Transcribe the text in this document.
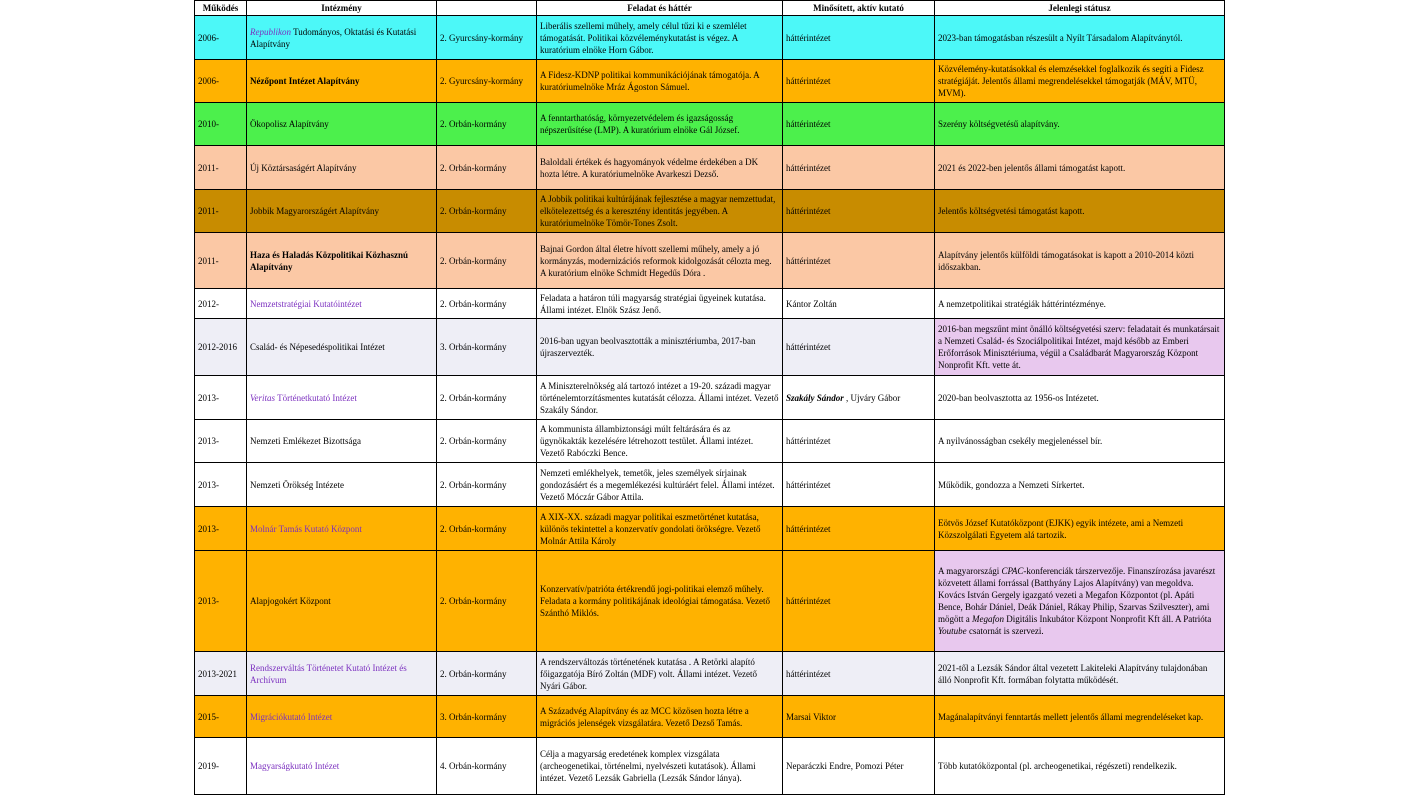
Működés	Intézmény		Feladat és háttér	Minősített, aktív kutató	Jelenlegi státusz
2006-	Republikon Tudományos, Oktatási és Kutatási Alapítvány	2. Gyurcsány-kormány	Liberális szellemi műhely, amely célul tűzi ki e szemlélet támogatását. Politikai közvéleménykutatást is végez. A kuratórium elnöke Horn Gábor.	háttérintézet	2023-ban támogatásban részesült a Nyílt Társadalom Alapítványtól.
2006-	Nézőpont Intézet Alapítvány	2. Gyurcsány-kormány	A Fidesz-KDNP politikai kommunikációjának támogatója. A kuratóriumelnöke Mráz Ágoston Sámuel.	háttérintézet	Közvélemény-kutatásokkal és elemzésekkel foglalkozik és segíti a Fidesz stratégiáját. Jelentős állami megrendelésekkel támogatják (MÁV, MTÜ, MVM).

2010-	Ökopolisz Alapítvány	2. Orbán-kormány	A fenntarthatóság, környezetvédelem és igazságosság népszerűsítése (LMP). A kuratórium elnöke Gál József.	háttérintézet	Szerény költségvetésű alapítvány.
2011-	Új Köztársaságért Alapítvány	2. Orbán-kormány	Baloldali értékek és hagyományok védelme érdekében a DK hozta létre. A kuratóriumelnöke Avarkeszi Dezső.	háttérintézet	2021 és 2022-ben jelentős állami támogatást kapott.
2011-	Jobbik Magyarországért Alapítvány	2. Orbán-kormány	A Jobbik politikai kultúrájának fejlesztése a magyar nemzettudat, elkötelezettség és a keresztény identitás jegyében. A kuratóriumelnöke Tömör-Tones Zsolt.	háttérintézet	Jelentős költségvetési támogatást kapott.
2011-	Haza és Haladás Közpolitikai Közhasznú Alapítvány	2. Orbán-kormány	Bajnai Gordon által életre hívott szellemi műhely, amely a jó kormányzás, modernizációs reformok kidolgozását célozta meg. A kuratórium elnöke Schmidt Hegedűs Dóra .	háttérintézet	Alapítvány jelentős külföldi támogatásokat is kapott a 2010-2014 közti időszakban.
2012-	Nemzetstratégiai Kutatóintézet	2. Orbán-kormány	Feladata a határon túli magyarság stratégiai ügyeinek kutatása. Állami intézet. Elnök Szász Jenő.	Kántor Zoltán	A nemzetpolitikai stratégiák háttérintézménye.
2012-2016	Család- és Népesedéspolitikai Intézet	3. Orbán-kormány	2016-ban ugyan beolvasztották a minisztériumba, 2017-ban újraszervezték.	háttérintézet	2016-ban megszűnt mint önálló költségvetési szerv: feladatait és munkatársait a Nemzeti Család- és Szociálpolitikai Intézet, majd később az Emberi Erőforrások Minisztériuma, végül a Családbarát Magyarország Központ Nonprofit Kft. vette át.

2013-	Veritas Történetkutató Intézet	2. Orbán-kormány	A Miniszterelnökség alá tartozó intézet a 19-20. századi magyar történelemtorzításmentes kutatását célozza. Állami intézet. Vezető Szakály Sándor.	Szakály Sándor , Ujváry Gábor	2020-ban beolvasztotta az 1956-os Intézetet.
2013-	Nemzeti Emlékezet Bizottsága	2. Orbán-kormány	A kommunista állambiztonsági múlt feltárására és az ügynökakták kezelésére létrehozott testület. Állami intézet. Vezető Rabóczki Bence.	háttérintézet	A nyilvánosságban csekély megjelenéssel bír.
2013-	Nemzeti Örökség Intézete	2. Orbán-kormány	Nemzeti emlékhelyek, temetők, jeles személyek sírjainak gondozásáért és a megemlékezési kultúráért felel. Állami intézet. Vezető Móczár Gábor Attila.	háttérintézet	Működik, gondozza a Nemzeti Sírkertet.
2013-	Molnár Tamás Kutató Központ	2. Orbán-kormány	A XIX-XX. századi magyar politikai eszmetörténet kutatása, különös tekintettel a konzervatív gondolati örökségre. Vezető Molnár Attila Károly	háttérintézet	Eötvös József Kutatóközpont (EJKK) egyik intézete, ami a Nemzeti Közszolgálati Egyetem alá tartozik.
2013-	Alapjogokért Központ	2. Orbán-kormány	Konzervatív/patrióta értékrendű jogi-politikai elemző műhely. Feladata a kormány politikájának ideológiai támogatása. Vezető Szánthó Miklós.	háttérintézet	A magyarországi CPAC-konferenciák társzervezője. Finanszírozása javarészt közvetett állami forrással (Batthyány Lajos Alapítvány) van megoldva. Kovács István Gergely igazgató vezeti a Megafon Központot (pl. Apáti Bence, Bohár Dániel, Deák Dániel, Rákay Philip, Szarvas Szilveszter), ami mögött a Megafon Digitális Inkubátor Központ Nonprofit Kft áll. A Patrióta Youtube csatornát is szervezi.

2013-2021	Rendszerváltás Történetet Kutató Intézet és Archívum	2. Orbán-kormány	A rendszerváltozás történetének kutatása . A Retörki alapító főigazgatója Bíró Zoltán (MDF) volt. Állami intézet. Vezető Nyári Gábor.	háttérintézet	2021-től a Lezsák Sándor által vezetett Lakiteleki Alapítvány tulajdonában álló Nonprofit Kft. formában folytatta működését.

2015-	Migrációkutató Intézet	3. Orbán-kormány	A Századvég Alapítvány és az MCC közösen hozta létre a migrációs jelenségek vizsgálatára. Vezető Dezső Tamás.	Marsai Viktor	Magánalapítványi fenntartás mellett jelentős állami megrendeléseket kap.

2019-	Magyarságkutató Intézet	4. Orbán-kormány	Célja a magyarság eredetének komplex vizsgálata (archeogenetikai, történelmi, nyelvészeti kutatások). Állami intézet. Vezető Lezsák Gabriella (Lezsák Sándor lánya).	Neparáczki Endre, Pomozi Péter	Több kutatóközpontal (pl. archeogenetikai, régészeti) rendelkezik.
